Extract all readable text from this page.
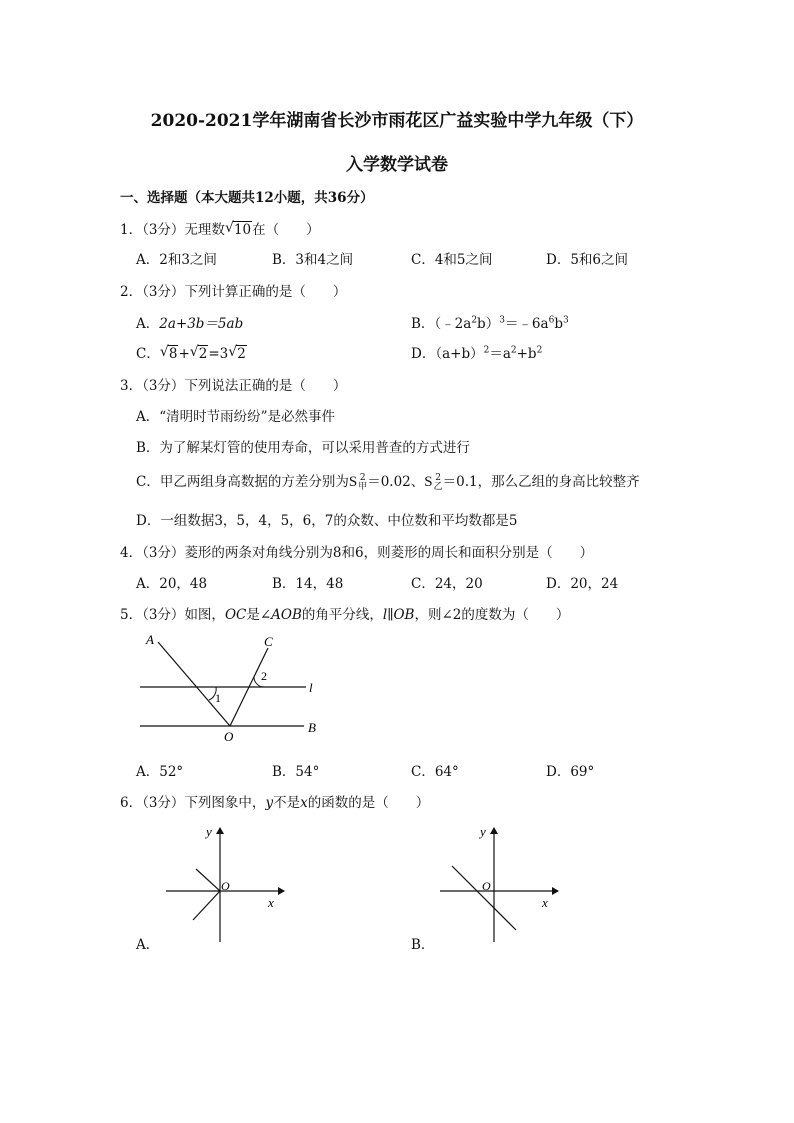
2020-2021学年湖南省长沙市雨花区广益实验中学九年级（下）
入学数学试卷
一、选择题（本大题共12小题，共36分）
1．（3分）无理数 √ 10在（　　）
A．2和3之间	B．3和4之间	C．4和5之间	D．5和6之间
2．（3分）下列计算正确的是（　　）
A．2a+3b＝5ab	B．$(﹣2a^2b)^3=﹣6a^6b^3$
C． √ 8+ √ 2=3 √ 2	D．$(a+b)^2=a^2+b^2$
3．（3分）下列说法正确的是（　　）
A．“清明时节雨纷纷”是必然事件
B．为了解某灯管的使用寿命，可以采用普查的方式进行
C．甲乙两组身高数据的方差分别为S 2
甲＝0.02、S 2
乙＝0.1，那么乙组的身高比较整齐
D．一组数据3，5，4，5，6，7的众数、中位数和平均数都是5
4．（3分）菱形的两条对角线分别为8和6，则菱形的周长和面积分别是（　　）
A．20，48	B．14，48	C．24，20	D．20，24
5．（3分）如图，OC是∠AOB的角平分线，l∥OB，则∠2的度数为（　　）
A	C
O
B
l
1
2
A．52°	B．54°	C．64°	D．69°
6．（3分）下列图象中，y不是x的函数的是（　　）
y
O
x
A．
y
O
x
B．
